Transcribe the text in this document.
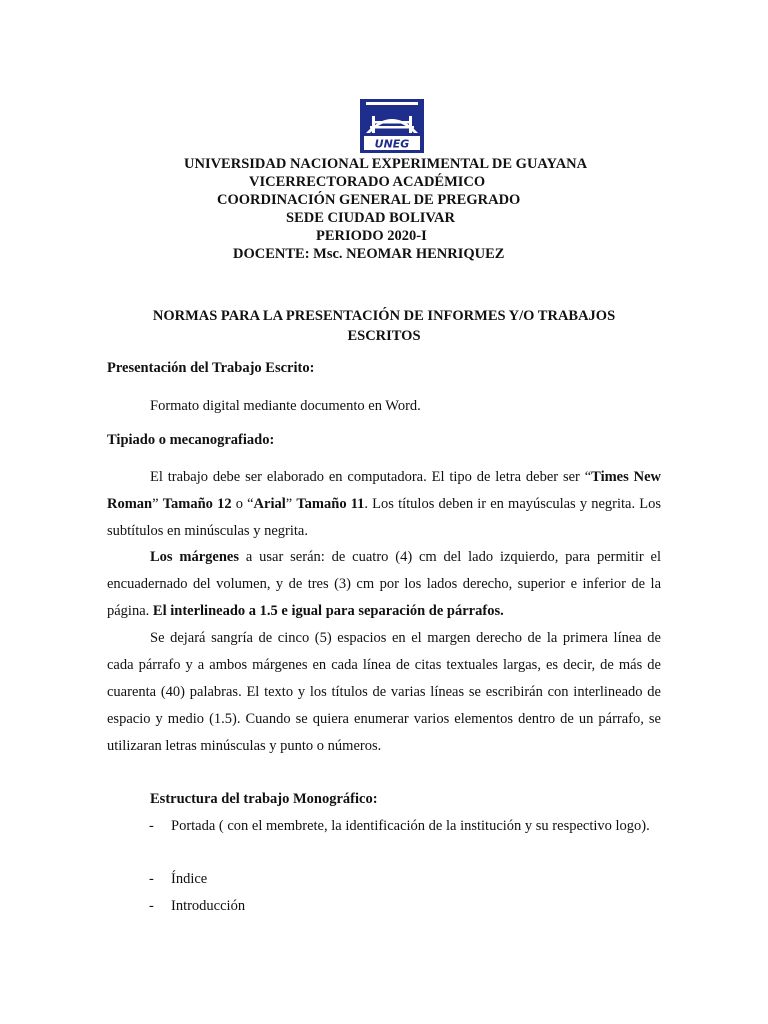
UNEG
UNIVERSIDAD NACIONAL EXPERIMENTAL DE GUAYANA
VICERRECTORADO ACADÉMICO
COORDINACIÓN GENERAL DE PREGRADO
SEDE CIUDAD BOLIVAR
PERIODO 2020-I
DOCENTE: Msc. NEOMAR HENRIQUEZ
NORMAS PARA LA PRESENTACIÓN DE INFORMES Y/O TRABAJOS ESCRITOS
Presentación del Trabajo Escrito:
Formato digital mediante documento en Word.
Tipiado o mecanografiado:
El trabajo debe ser elaborado en computadora. El tipo de letra deber ser “Times New Roman” Tamaño 12 o “Arial” Tamaño 11. Los títulos deben ir en mayúsculas y negrita. Los subtítulos en minúsculas y negrita.
Los márgenes a usar serán: de cuatro (4) cm del lado izquierdo, para permitir el encuadernado del volumen, y de tres (3) cm por los lados derecho, superior e inferior de la página. El interlineado a 1.5 e igual para separación de párrafos.
Se dejará sangría de cinco (5) espacios en el margen derecho de la primera línea de cada párrafo y a ambos márgenes en cada línea de citas textuales largas, es decir, de más de cuarenta (40) palabras. El texto y los títulos de varias líneas se escribirán con interlineado de espacio y medio (1.5). Cuando se quiera enumerar varios elementos dentro de un párrafo, se utilizaran letras minúsculas y punto o números.
Estructura del trabajo Monográfico:
- Portada ( con el membrete, la identificación de la institución y su respectivo logo).
- Índice
- Introducción
